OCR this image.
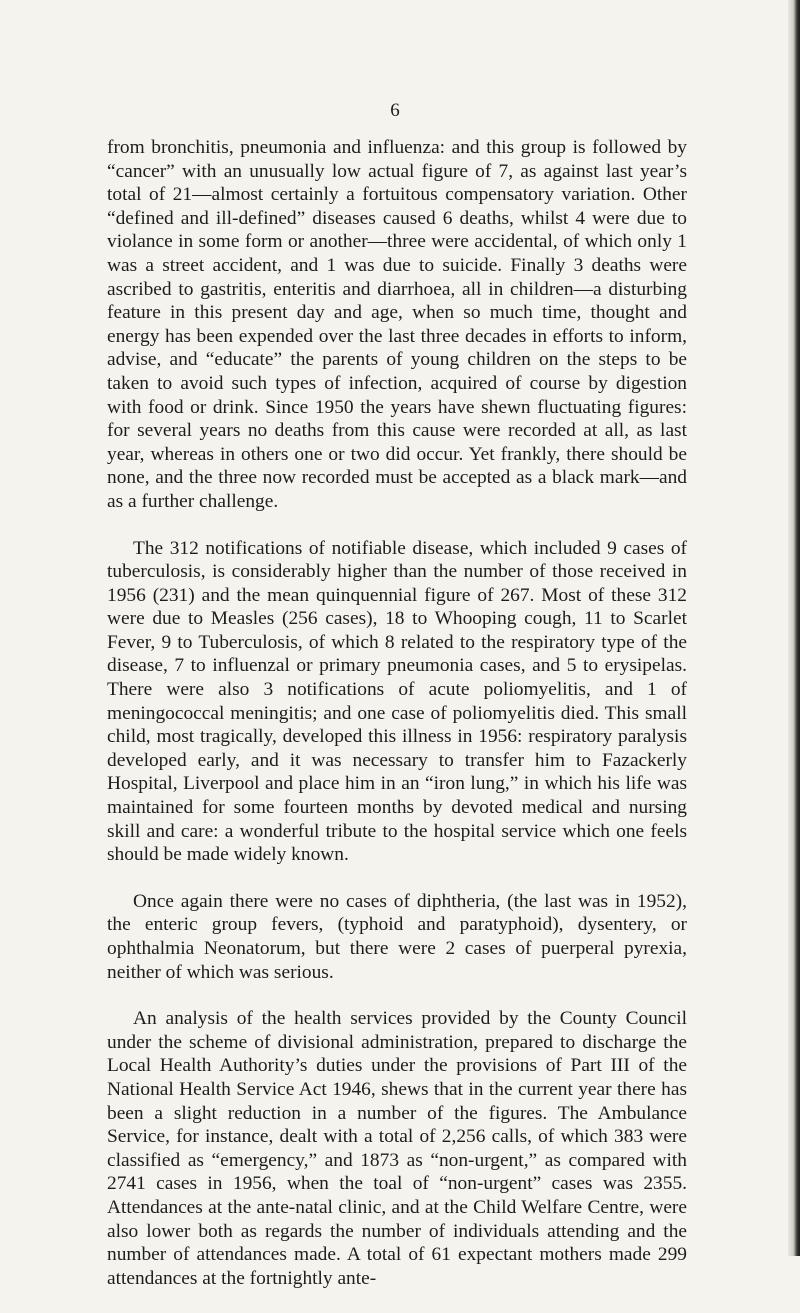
6

from bronchitis, pneumonia and influenza: and this group is followed by “cancer” with an unusually low actual figure of 7, as against last year’s total of 21—almost certainly a fortuitous compensatory variation. Other “defined and ill-defined” diseases caused 6 deaths, whilst 4 were due to violance in some form or another—three were accidental, of which only 1 was a street accident, and 1 was due to suicide. Finally 3 deaths were ascribed to gastritis, enteritis and diarrhoea, all in children—a disturbing feature in this present day and age, when so much time, thought and energy has been expended over the last three decades in efforts to inform, advise, and “educate” the parents of young children on the steps to be taken to avoid such types of infection, acquired of course by digestion with food or drink. Since 1950 the years have shewn fluctuating figures: for several years no deaths from this cause were recorded at all, as last year, whereas in others one or two did occur. Yet frankly, there should be none, and the three now recorded must be accepted as a black mark—and as a further challenge.

The 312 notifications of notifiable disease, which included 9 cases of tuberculosis, is considerably higher than the number of those received in 1956 (231) and the mean quinquennial figure of 267. Most of these 312 were due to Measles (256 cases), 18 to Whooping cough, 11 to Scarlet Fever, 9 to Tuberculosis, of which 8 related to the respiratory type of the disease, 7 to influenzal or primary pneumonia cases, and 5 to erysipelas. There were also 3 notifications of acute poliomyelitis, and 1 of meningococcal meningitis; and one case of poliomyelitis died. This small child, most tragically, developed this illness in 1956: respiratory paralysis developed early, and it was necessary to transfer him to Fazackerly Hospital, Liverpool and place him in an “iron lung,” in which his life was maintained for some fourteen months by devoted medical and nursing skill and care: a wonderful tribute to the hospital service which one feels should be made widely known.

Once again there were no cases of diphtheria, (the last was in 1952), the enteric group fevers, (typhoid and paratyphoid), dysentery, or ophthalmia Neonatorum, but there were 2 cases of puerperal pyrexia, neither of which was serious.

An analysis of the health services provided by the County Council under the scheme of divisional administration, prepared to discharge the Local Health Authority’s duties under the provisions of Part III of the National Health Service Act 1946, shews that in the current year there has been a slight reduction in a number of the figures. The Ambulance Service, for instance, dealt with a total of 2,256 calls, of which 383 were classified as “emergency,” and 1873 as “non-urgent,” as compared with 2741 cases in 1956, when the toal of “non-urgent” cases was 2355. Attendances at the ante-natal clinic, and at the Child Welfare Centre, were also lower both as regards the number of individuals attending and the number of attendances made. A total of 61 expectant mothers made 299 attendances at the fortnightly ante-
